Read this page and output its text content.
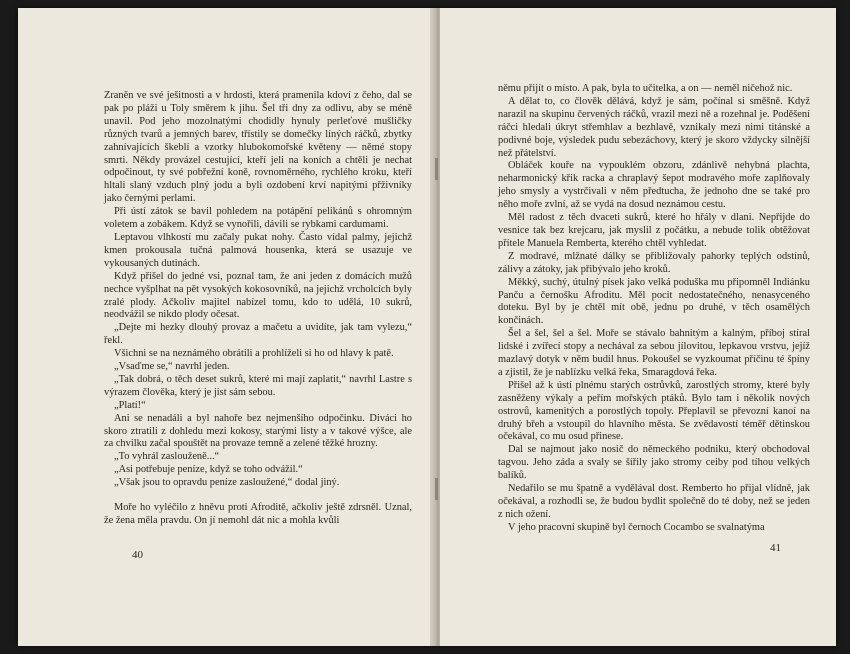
Zraněn ve své ješitnosti a v hrdosti, která pramenila kdoví z čeho, dal se pak po pláži u Toly směrem k jihu. Šel tři dny za odlivu, aby se méně unavil. Pod jeho mozolnatými chodidly hynuly perleťové mušličky různých tvarů a jemných barev, třístily se domečky líných ráčků, zbytky zahnívajících škeblí a vzorky hlubokomořské květeny — němé stopy smrti. Někdy provázel cestující, kteří jeli na koních a chtěli je nechat odpočinout, ty své pobřežní koně, rovnoměrného, rychlého kroku, kteří hltali slaný vzduch plný jodu a byli ozdobení krví napitými přživníky jako černými perlami.

Při ústí zátok se bavil pohledem na potápění pelikánů s ohromným voletem a zobákem. Když se vynořili, dávili se rybkami cardumami.

Leptavou vlhkostí mu začaly pukat nohy. Často vídal palmy, jejichž kmen prokousala tučná palmová housenka, která se usazuje ve vykousaných dutinách.

Když přišel do jedné vsi, poznal tam, že ani jeden z domácích mužů nechce vyšplhat na pět vysokých kokosovníků, na jejichž vrcholcích byly zralé plody. Ačkoliv majitel nabízel tomu, kdo to udělá, 10 sukrů, neodvážil se nikdo plody očesat.

„Dejte mi hezky dlouhý provaz a mačetu a uvidíte, jak tam vylezu,“ řekl.

Všichni se na neznámého obrátili a prohlíželi si ho od hlavy k patě.

„Vsaďme se,“ navrhl jeden.

„Tak dobrá, o těch deset sukrů, které mi mají zaplatit,“ navrhl Lastre s výrazem člověka, který je jist sám sebou.

„Platí!“

Ani se nenadáli a byl nahoře bez nejmenšího odpočinku. Diváci ho skoro ztratili z dohledu mezi kokosy, starými listy a v takové výšce, ale za chvilku začal spouštět na provaze temně a zelené těžké hrozny.

„To vyhrál zaslouženě...“

„Asi potřebuje peníze, když se toho odvážil.“

„Však jsou to opravdu peníze zasloužené,“ dodal jiný.

Moře ho vyléčilo z hněvu proti Afroditě, ačkoliv ještě zdrsněl. Uznal, že žena měla pravdu. On jí nemohl dát nic a mohla kvůli

40

němu přijít o místo. A pak, byla to učitelka, a on — neměl ničehož nic.

A dělat to, co člověk dělává, když je sám, počínal si směšně. Když narazil na skupinu červených ráčků, vrazil mezi ně a rozehnal je. Poděšení ráčci hledali úkryt střemhlav a bezhlavě, vznikaly mezi nimi titánské a podivné boje, výsledek pudu sebezáchovy, který je skoro vždycky silnější než přátelství.

Obláček kouře na vypouklém obzoru, zdánlivě nehybná plachta, neharmonický křik racka a chraplavý šepot modravého moře zaplňovaly jeho smysly a vystrčivali v něm předtucha, že jednoho dne se také pro něho moře zvlní, až se vydá na dosud neznámou cestu.

Měl radost z těch dvaceti sukrů, které ho hřály v dlani. Nepřijde do vesnice tak bez krejcaru, jak myslil z počátku, a nebude tolik obtěžovat přítele Manuela Remberta, kterého chtěl vyhledat.

Z modravé, mlžnaté dálky se přibližovaly pahorky teplých odstínů, zálivy a zátoky, jak přibývalo jeho kroků.

Měkký, suchý, útulný písek jako velká poduška mu připomněl Indiánku Panču a černošku Afroditu. Měl pocit nedostatečného, nenasyceného doteku. Byl by je chtěl mít obě, jednu po druhé, v těch osamělých končinách.

Šel a šel, šel a šel. Moře se stávalo bahnitým a kalným, příboj stíral lidské i zvířecí stopy a nechával za sebou jílovitou, lepkavou vrstvu, jejíž mazlavý dotyk v něm budil hnus. Pokoušel se vyzkoumat příčinu té špíny a zjistil, že je nablízku velká řeka, Smaragdová řeka.

Přišel až k ústí plnému starých ostrůvků, zarostlých stromy, které byly zasněženy výkaly a peřím mořských ptáků. Bylo tam i několik nových ostrovů, kamenitých a porostlých topoly. Přeplavil se převozní kanoí na druhý břeh a vstoupil do hlavního města. Se zvědavostí téměř dětinskou očekával, co mu osud přinese.

Dal se najmout jako nosič do německého podniku, který obchodoval tagvou. Jeho záda a svaly se šířily jako stromy ceiby pod tíhou velkých balíků.

Nedařilo se mu špatně a vydělával dost. Remberto ho přijal vlídně, jak očekával, a rozhodli se, že budou bydlit společně do té doby, než se jeden z nich ožení.

V jeho pracovní skupině byl černoch Cocambo se svalnatýma

41
